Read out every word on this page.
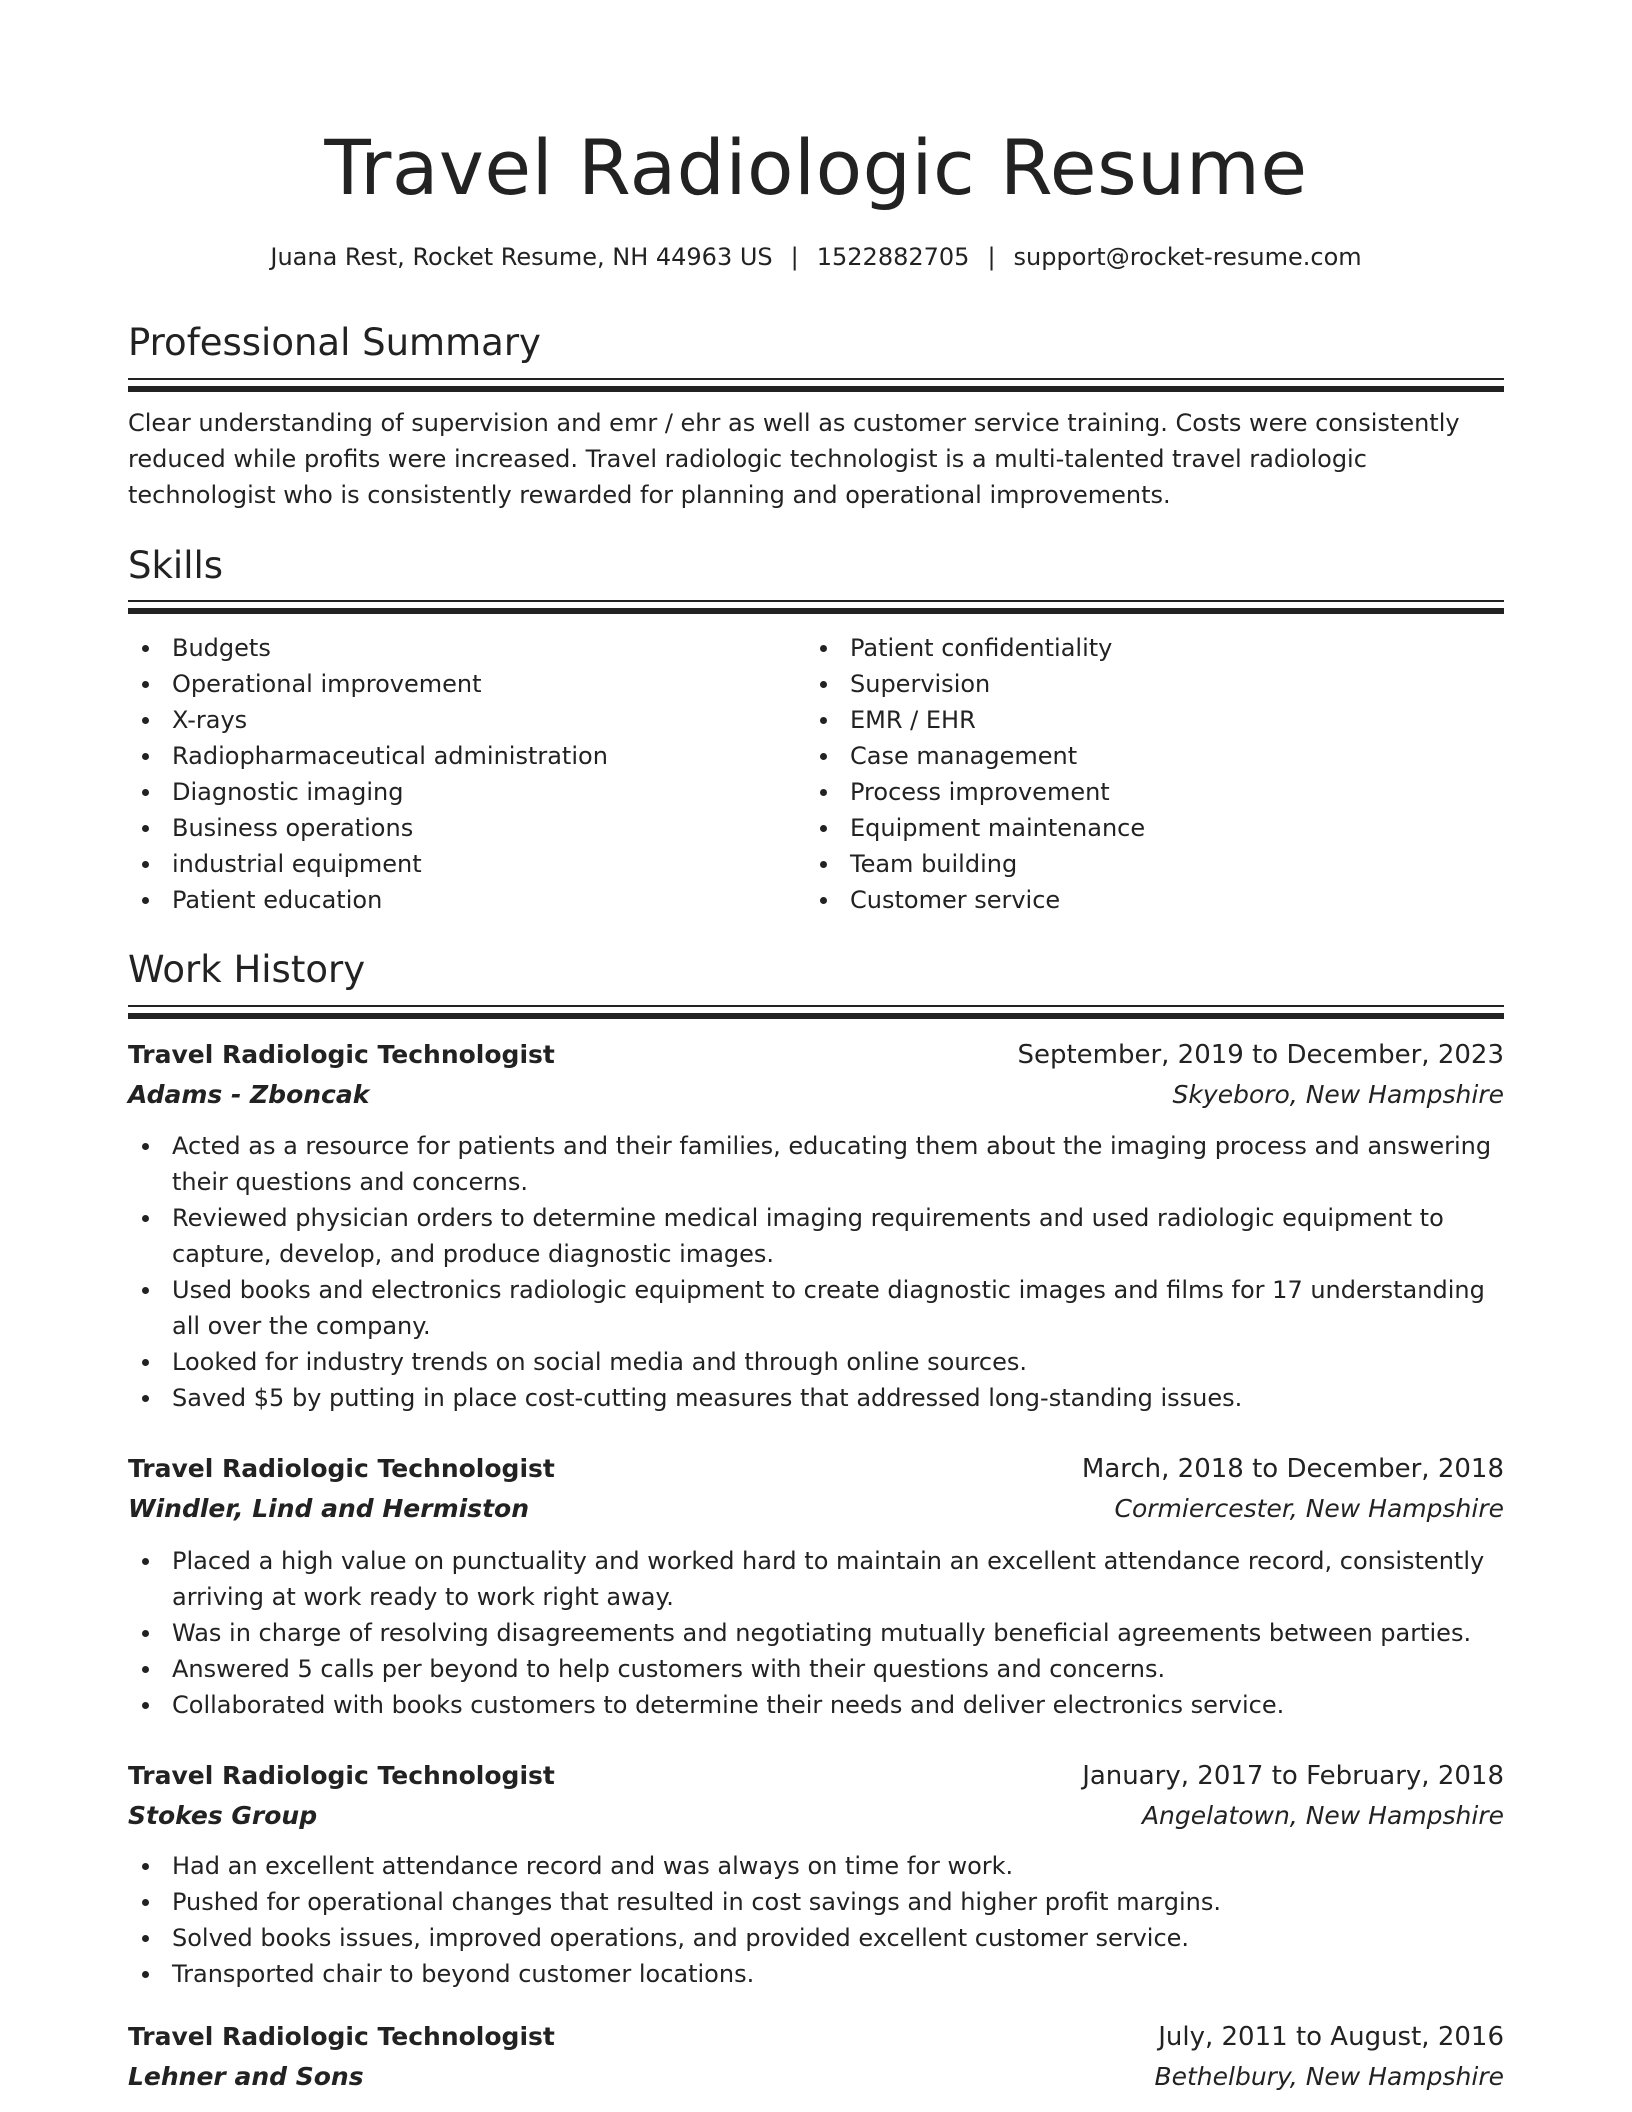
Travel Radiologic Resume
Juana Rest, Rocket Resume, NH 44963 US | 1522882705 | support@rocket-resume.com
Professional Summary

Clear understanding of supervision and emr / ehr as well as customer service training. Costs were consistently reduced while profits were increased. Travel radiologic technologist is a multi-talented travel radiologic technologist who is consistently rewarded for planning and operational improvements.

Skills
Budgets
Operational improvement
X-rays
Radiopharmaceutical administration
Diagnostic imaging
Business operations
industrial equipment
Patient education
Patient confidentiality
Supervision
EMR / EHR
Case management
Process improvement
Equipment maintenance
Team building
Customer service
Work History
Travel Radiologic Technologist	September, 2019 to December, 2023
Adams - Zboncak	Skyeboro, New Hampshire
Acted as a resource for patients and their families, educating them about the imaging process and answering their questions and concerns.
Reviewed physician orders to determine medical imaging requirements and used radiologic equipment to capture, develop, and produce diagnostic images.
Used books and electronics radiologic equipment to create diagnostic images and films for 17 understanding all over the company.
Looked for industry trends on social media and through online sources.
Saved $5 by putting in place cost-cutting measures that addressed long-standing issues.
Travel Radiologic Technologist	March, 2018 to December, 2018
Windler, Lind and Hermiston	Cormiercester, New Hampshire
Placed a high value on punctuality and worked hard to maintain an excellent attendance record, consistently arriving at work ready to work right away.
Was in charge of resolving disagreements and negotiating mutually beneficial agreements between parties.
Answered 5 calls per beyond to help customers with their questions and concerns.
Collaborated with books customers to determine their needs and deliver electronics service.
Travel Radiologic Technologist	January, 2017 to February, 2018
Stokes Group	Angelatown, New Hampshire
Had an excellent attendance record and was always on time for work.
Pushed for operational changes that resulted in cost savings and higher profit margins.
Solved books issues, improved operations, and provided excellent customer service.
Transported chair to beyond customer locations.
Travel Radiologic Technologist	July, 2011 to August, 2016
Lehner and Sons	Bethelbury, New Hampshire
